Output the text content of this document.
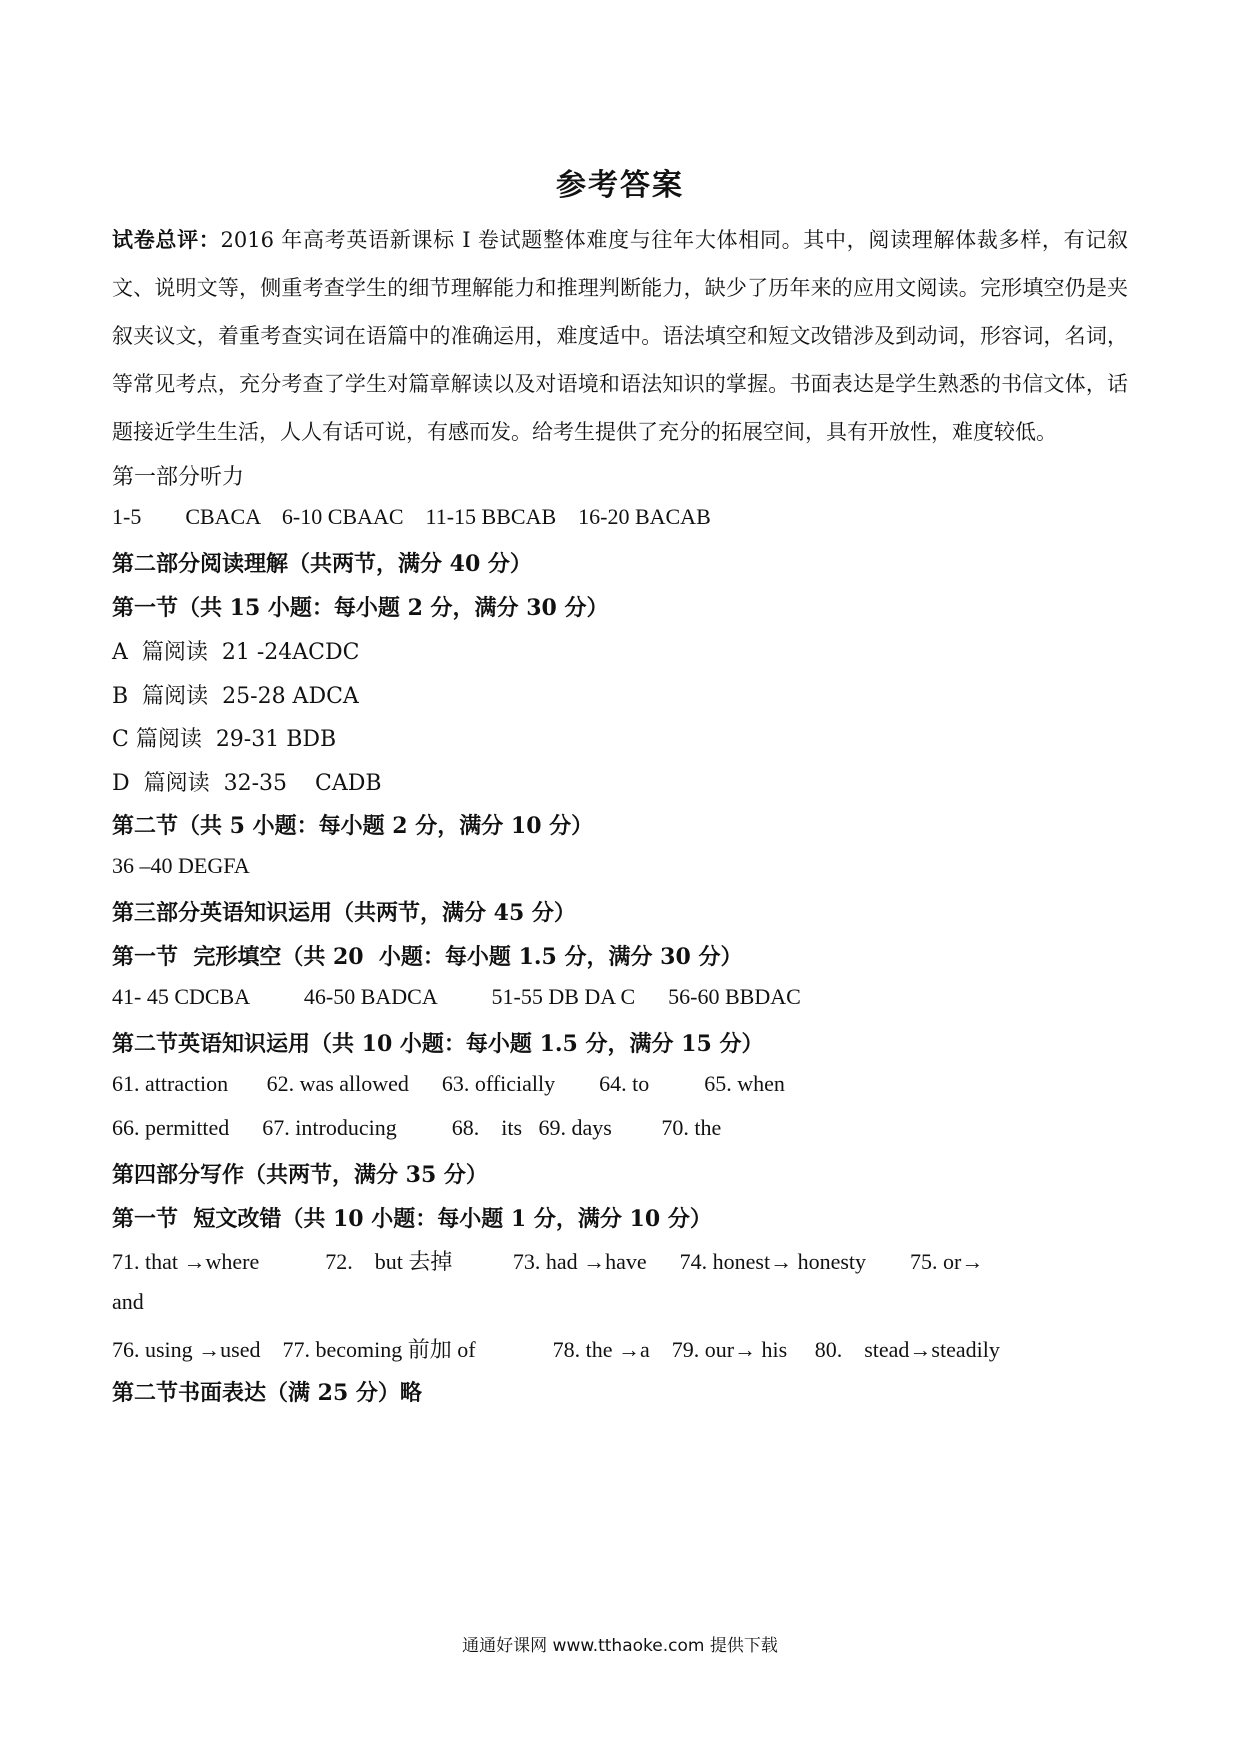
参考答案
试卷总评：2016 年高考英语新课标 I 卷试题整体难度与往年大体相同。其中，阅读理解体裁多样，有记叙文、说明文等，侧重考查学生的细节理解能力和推理判断能力，缺少了历年来的应用文阅读。完形填空仍是夹叙夹议文，着重考查实词在语篇中的准确运用，难度适中。语法填空和短文改错涉及到动词，形容词，名词，等常见考点，充分考查了学生对篇章解读以及对语境和语法知识的掌握。书面表达是学生熟悉的书信文体，话题接近学生生活，人人有话可说，有感而发。给考生提供了充分的拓展空间，具有开放性，难度较低。
第一部分听力
1-5        CBACA    6-10 CBAAC    11-15 BBCAB    16-20 BACAB
第二部分阅读理解（共两节，满分 40 分）
第一节（共 15 小题：每小题 2 分，满分 30 分）
A  篇阅读  21 -24ACDC
B  篇阅读  25-28 ADCA
C 篇阅读  29-31 BDB
D  篇阅读  32-35    CADB
第二节（共 5 小题：每小题 2 分，满分 10 分）
36 –40 DEGFA
第三部分英语知识运用（共两节，满分 45 分）
第一节  完形填空（共 20  小题：每小题 1.5 分，满分 30 分）
41- 45 CDCBA          46-50 BADCA          51-55 DB DA C      56-60 BBDAC
第二节英语知识运用（共 10 小题：每小题 1.5 分，满分 15 分）
61. attraction       62. was allowed      63. officially        64. to          65. when
66. permitted      67. introducing          68.    its   69. days         70. the
第四部分写作（共两节，满分 35 分）
第一节  短文改错（共 10 小题：每小题 1 分，满分 10 分）
71. that →where            72.    but 去掉           73. had →have      74. honest→ honesty        75. or→
and
76. using →used    77. becoming 前加 of              78. the →a    79. our→ his     80.    stead→steadily
第二节书面表达（满 25 分）略
通通好课网 www.tthaoke.com 提供下载
